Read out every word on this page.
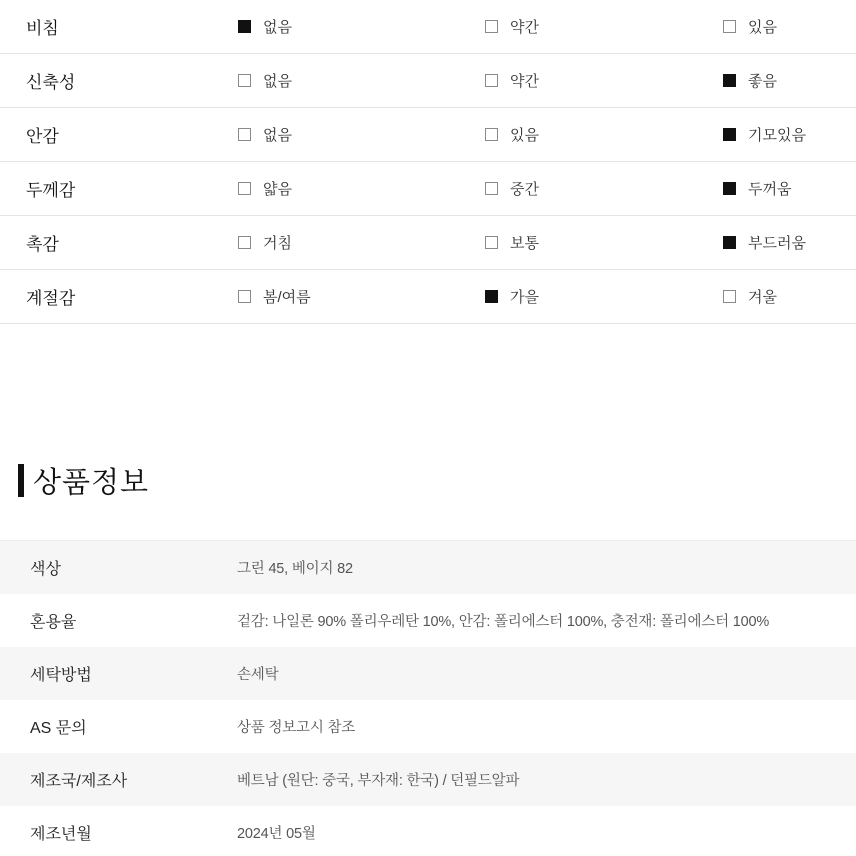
비침	없음	약간	있음
신축성	없음	약간	좋음
안감	없음	있음	기모있음
두께감	얇음	중간	두꺼움
촉감	거침	보통	부드러움
계절감	봄/여름	가을	겨울
상품정보
색상	그린 45, 베이지 82
혼용율	겉감: 나일론 90% 폴리우레탄 10%, 안감: 폴리에스터 100%, 충전재: 폴리에스터 100%
세탁방법	손세탁
AS 문의	상품 정보고시 참조
제조국/제조사	베트남 (원단: 중국, 부자재: 한국) / 던필드알파
제조년월	2024년 05월
